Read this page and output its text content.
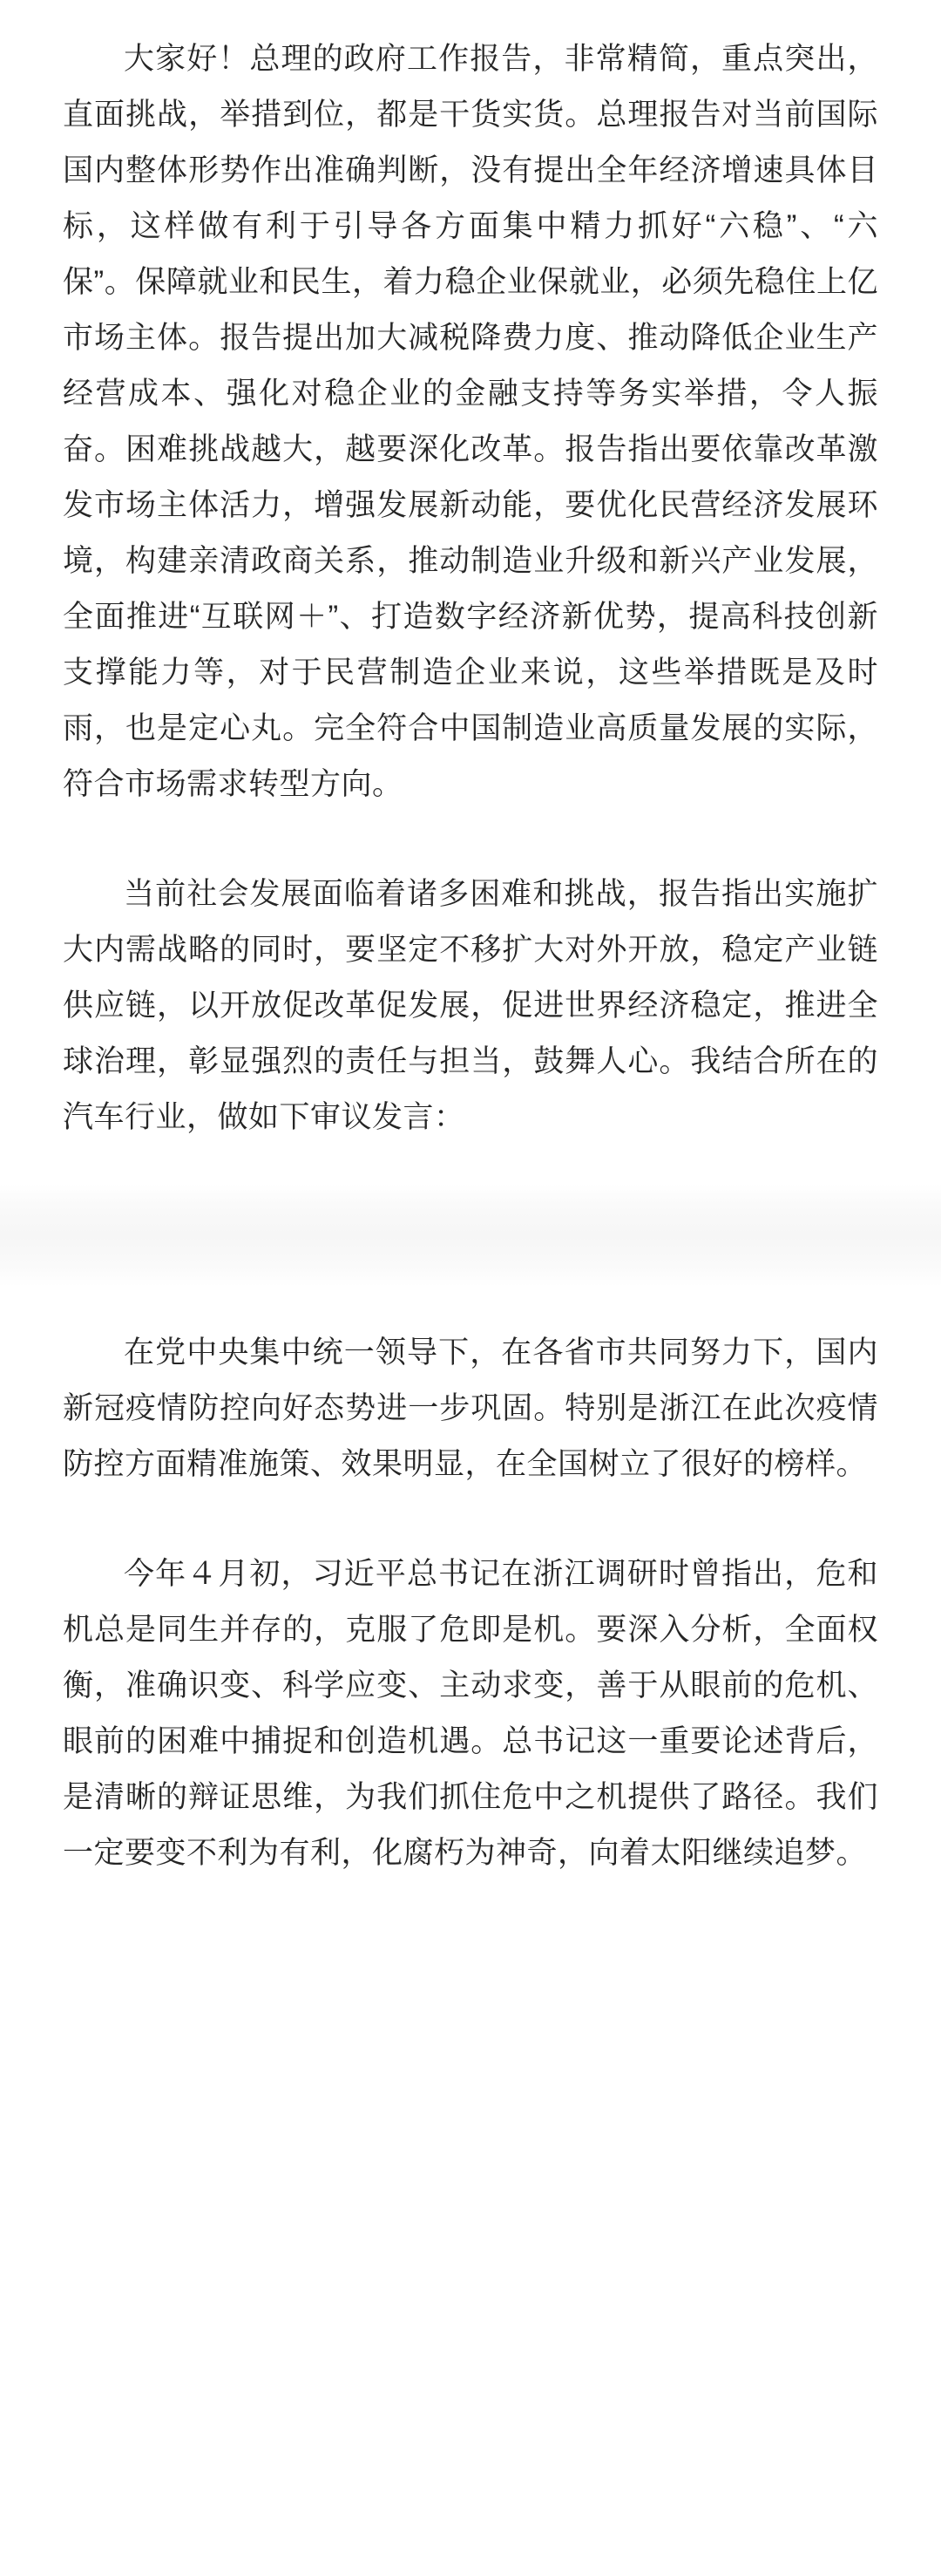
大家好！总理的政府工作报告，非常精简，重点突出，直面挑战，举措到位，都是干货实货。总理报告对当前国际国内整体形势作出准确判断，没有提出全年经济增速具体目标，这样做有利于引导各方面集中精力抓好“六稳”、“六保”。保障就业和民生，着力稳企业保就业，必须先稳住上亿市场主体。报告提出加大减税降费力度、推动降低企业生产经营成本、强化对稳企业的金融支持等务实举措，令人振奋。困难挑战越大，越要深化改革。报告指出要依靠改革激发市场主体活力，增强发展新动能，要优化民营经济发展环境，构建亲清政商关系，推动制造业升级和新兴产业发展，全面推进“互联网＋”、打造数字经济新优势，提高科技创新支撑能力等，对于民营制造企业来说，这些举措既是及时雨，也是定心丸。完全符合中国制造业高质量发展的实际，符合市场需求转型方向。

当前社会发展面临着诸多困难和挑战，报告指出实施扩大内需战略的同时，要坚定不移扩大对外开放，稳定产业链供应链，以开放促改革促发展，促进世界经济稳定，推进全球治理，彰显强烈的责任与担当，鼓舞人心。我结合所在的汽车行业，做如下审议发言：

在党中央集中统一领导下，在各省市共同努力下，国内新冠疫情防控向好态势进一步巩固。特别是浙江在此次疫情防控方面精准施策、效果明显，在全国树立了很好的榜样。

今年４月初，习近平总书记在浙江调研时曾指出，危和机总是同生并存的，克服了危即是机。要深入分析，全面权衡，准确识变、科学应变、主动求变，善于从眼前的危机、眼前的困难中捕捉和创造机遇。总书记这一重要论述背后，是清晰的辩证思维，为我们抓住危中之机提供了路径。我们一定要变不利为有利，化腐朽为神奇，向着太阳继续追梦。
